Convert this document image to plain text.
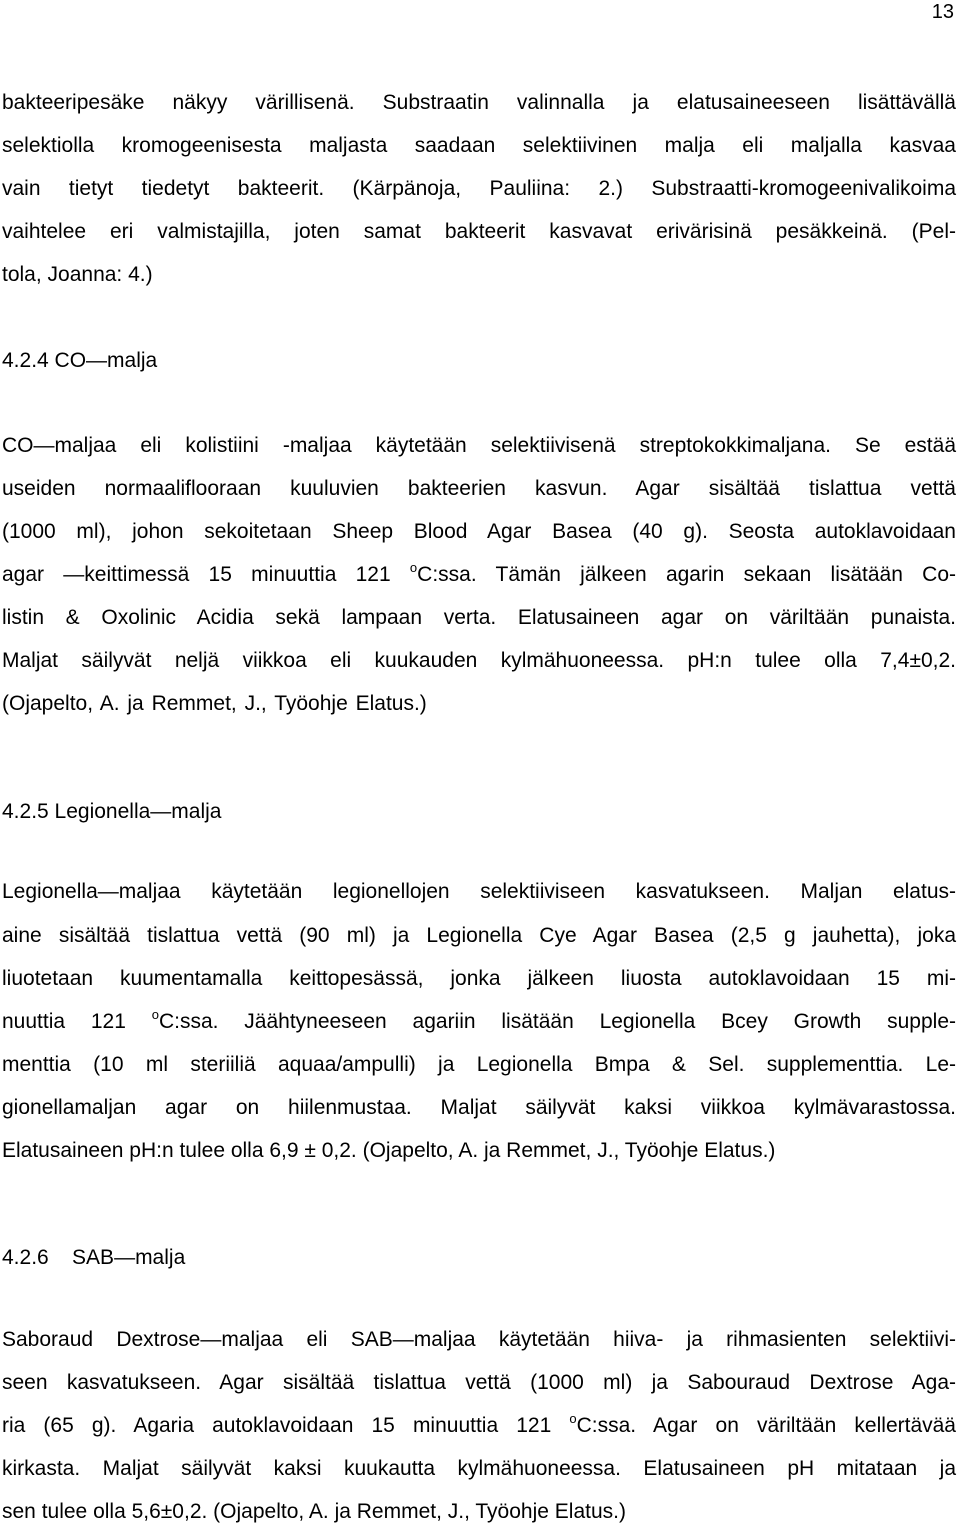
13
bakteeripesäke näkyy värillisenä. Substraatin valinnalla ja elatusaineeseen lisättävällä
selektiolla kromogeenisesta maljasta saadaan selektiivinen malja eli maljalla kasvaa
vain tietyt tiedetyt bakteerit. (Kärpänoja, Pauliina: 2.) Substraatti-kromogeenivalikoima
vaihtelee eri valmistajilla, joten samat bakteerit kasvavat erivärisinä pesäkkeinä. (Pel-
tola, Joanna: 4.)
4.2.4 CO—malja
CO—maljaa eli kolistiini -maljaa käytetään selektiivisenä streptokokkimaljana. Se estää
useiden normaaliflooraan kuuluvien bakteerien kasvun. Agar sisältää tislattua vettä
(1000 ml), johon sekoitetaan Sheep Blood Agar Basea (40 g). Seosta autoklavoidaan
agar —keittimessä 15 minuuttia 121 $^o$C:ssa. Tämän jälkeen agarin sekaan lisätään Co-
listin & Oxolinic Acidia sekä lampaan verta. Elatusaineen agar on väriltään punaista.
Maljat säilyvät neljä viikkoa eli kuukauden kylmähuoneessa. pH:n tulee olla 7,4±0,2.
(Ojapelto, A. ja Remmet, J., Työohje Elatus.)
4.2.5 Legionella—malja
Legionella—maljaa käytetään legionellojen selektiiviseen kasvatukseen. Maljan elatus-
aine sisältää tislattua vettä (90 ml) ja Legionella Cye Agar Basea (2,5 g jauhetta), joka
liuotetaan kuumentamalla keittopesässä, jonka jälkeen liuosta autoklavoidaan 15 mi-
nuuttia 121 $^o$C:ssa. Jäähtyneeseen agariin lisätään Legionella Bcey Growth supple-
menttia (10 ml steriiliä aquaa/ampulli) ja Legionella Bmpa & Sel. supplementtia. Le-
gionellamaljan agar on hiilenmustaa. Maljat säilyvät kaksi viikkoa kylmävarastossa.
Elatusaineen pH:n tulee olla 6,9 ± 0,2. (Ojapelto, A. ja Remmet, J., Työohje Elatus.)
4.2.6    SAB—malja
Saboraud Dextrose—maljaa eli SAB—maljaa käytetään hiiva- ja rihmasienten selektiivi-
seen kasvatukseen. Agar sisältää tislattua vettä (1000 ml) ja Sabouraud Dextrose Aga-
ria (65 g). Agaria autoklavoidaan 15 minuuttia 121 $^o$C:ssa. Agar on väriltään kellertävää
kirkasta. Maljat säilyvät kaksi kuukautta kylmähuoneessa. Elatusaineen pH mitataan ja
sen tulee olla 5,6±0,2. (Ojapelto, A. ja Remmet, J., Työohje Elatus.)
